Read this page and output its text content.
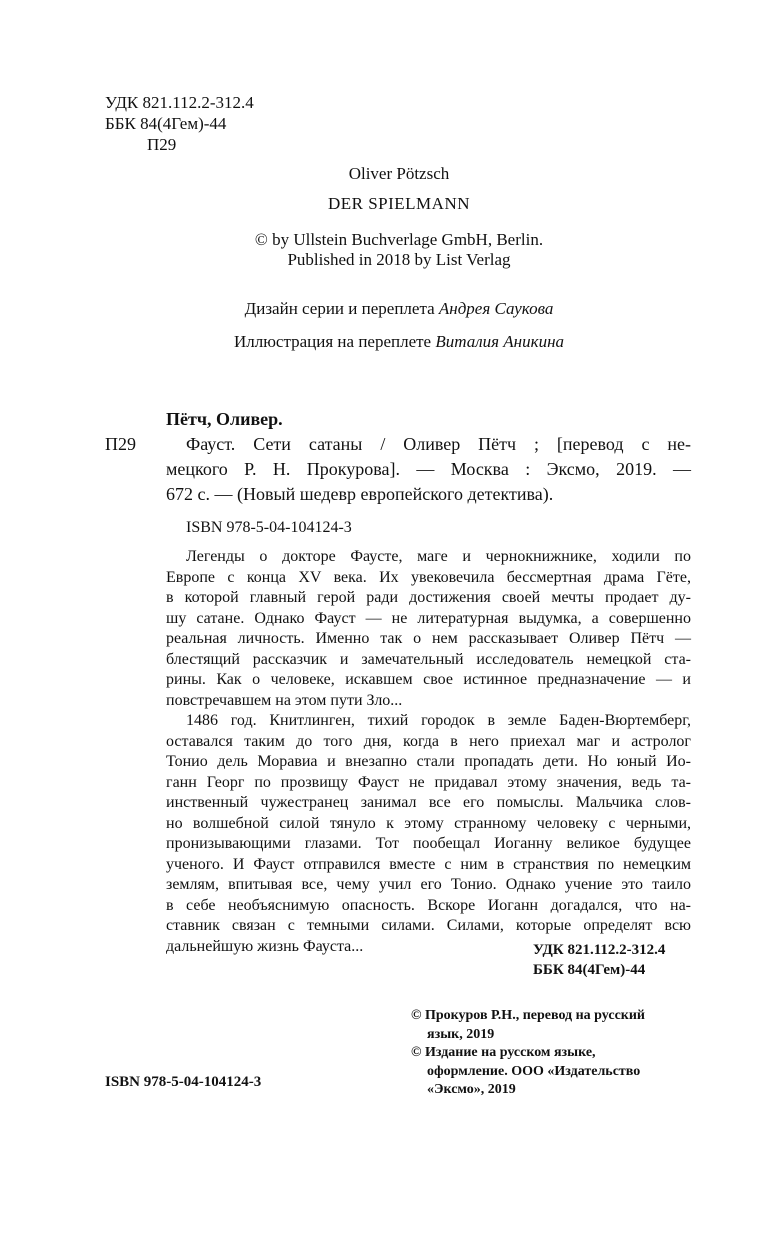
УДК 821.112.2-312.4
ББК 84(4Гем)-44
П29
Oliver Pötzsch
DER SPIELMANN
© by Ullstein Buchverlage GmbH, Berlin.
Published in 2018 by List Verlag
Дизайн серии и переплета Андрея Саукова
Иллюстрация на переплете Виталия Аникина
Пётч, Оливер.
П29	Фауст. Сети сатаны / Оливер Пётч ; [перевод с не-
мецкого Р. Н. Прокурова]. — Москва : Эксмо, 2019. —
672 с. — (Новый шедевр европейского детектива).
ISBN 978-5-04-104124-3

Легенды о докторе Фаусте, маге и чернокнижнике, ходили по
Европе с конца XV века. Их увековечила бессмертная драма Гёте,
в которой главный герой ради достижения своей мечты продает ду-
шу сатане. Однако Фауст — не литературная выдумка, а совершенно
реальная личность. Именно так о нем рассказывает Оливер Пётч —
блестящий рассказчик и замечательный исследователь немецкой ста-
рины. Как о человеке, искавшем свое истинное предназначение — и
повстречавшем на этом пути Зло...

1486 год. Книтлинген, тихий городок в земле Баден-Вюртемберг,
оставался таким до того дня, когда в него приехал маг и астролог
Тонио дель Моравиа и внезапно стали пропадать дети. Но юный Ио-
ганн Георг по прозвищу Фауст не придавал этому значения, ведь та-
инственный чужестранец занимал все его помыслы. Мальчика слов-
но волшебной силой тянуло к этому странному человеку с черными,
пронизывающими глазами. Тот пообещал Иоганну великое будущее
ученого. И Фауст отправился вместе с ним в странствия по немецким
землям, впитывая все, чему учил его Тонио. Однако учение это таило
в себе необъяснимую опасность. Вскоре Иоганн догадался, что на-
ставник связан с темными силами. Силами, которые определят всю
дальнейшую жизнь Фауста...	УДК 821.112.2-312.4
ББК 84(4Гем)-44
© Прокуров Р.Н., перевод на русский
язык, 2019
© Издание на русском языке,
оформление. ООО «Издательство
«Эксмо», 2019
ISBN 978-5-04-104124-3
